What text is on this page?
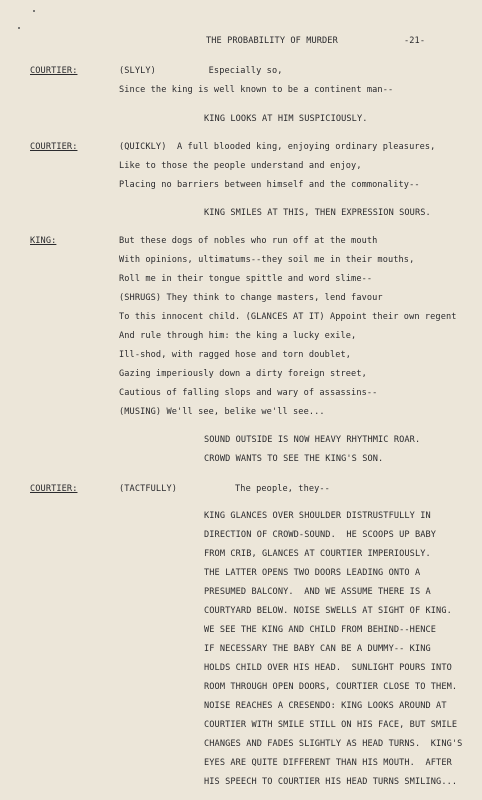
THE PROBABILITY OF MURDER	-21-
COURTIER:	(SLYLY)          Especially so,
Since the king is well known to be a continent man--
KING LOOKS AT HIM SUSPICIOUSLY.
COURTIER:	(QUICKLY)  A full blooded king, enjoying ordinary pleasures,
Like to those the people understand and enjoy,
Placing no barriers between himself and the commonality--
KING SMILES AT THIS, THEN EXPRESSION SOURS.
KING:	But these dogs of nobles who run off at the mouth
With opinions, ultimatums--they soil me in their mouths,
Roll me in their tongue spittle and word slime--
(SHRUGS) They think to change masters, lend favour
To this innocent child. (GLANCES AT IT) Appoint their own regent
And rule through him: the king a lucky exile,
Ill-shod, with ragged hose and torn doublet,
Gazing imperiously down a dirty foreign street,
Cautious of falling slops and wary of assassins--
(MUSING) We'll see, belike we'll see...
SOUND OUTSIDE IS NOW HEAVY RHYTHMIC ROAR.
CROWD WANTS TO SEE THE KING'S SON.
COURTIER:	(TACTFULLY)           The people, they--
KING GLANCES OVER SHOULDER DISTRUSTFULLY IN
DIRECTION OF CROWD-SOUND.  HE SCOOPS UP BABY
FROM CRIB, GLANCES AT COURTIER IMPERIOUSLY.
THE LATTER OPENS TWO DOORS LEADING ONTO A
PRESUMED BALCONY.  AND WE ASSUME THERE IS A
COURTYARD BELOW. NOISE SWELLS AT SIGHT OF KING.
WE SEE THE KING AND CHILD FROM BEHIND--HENCE
IF NECESSARY THE BABY CAN BE A DUMMY-- KING
HOLDS CHILD OVER HIS HEAD.  SUNLIGHT POURS INTO
ROOM THROUGH OPEN DOORS, COURTIER CLOSE TO THEM.
NOISE REACHES A CRESENDO: KING LOOKS AROUND AT
COURTIER WITH SMILE STILL ON HIS FACE, BUT SMILE
CHANGES AND FADES SLIGHTLY AS HEAD TURNS.  KING'S
EYES ARE QUITE DIFFERENT THAN HIS MOUTH.  AFTER
HIS SPEECH TO COURTIER HIS HEAD TURNS SMILING...
